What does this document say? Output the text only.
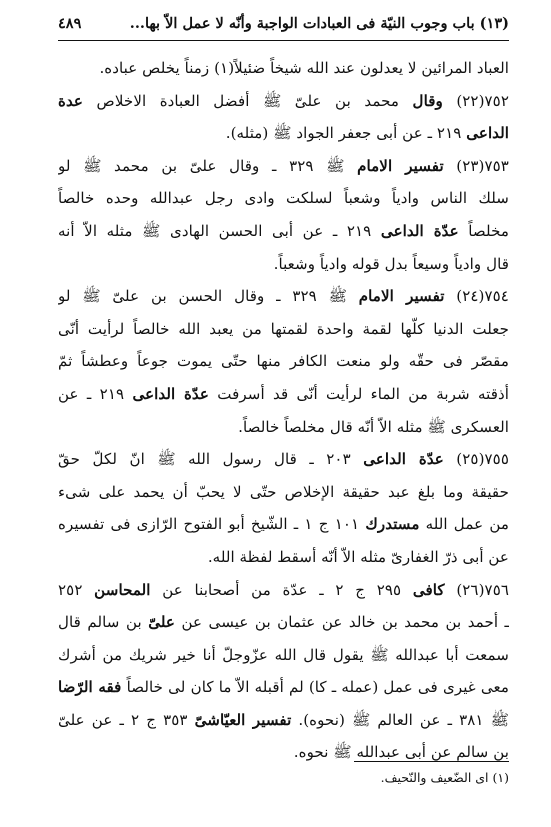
(١٣) باب وجوب النيّة فى العبادات الواجبة وأنّه لا عمل الاّ بها...
٤٨٩
العباد المرائين لا يعدلون عند الله شيخاً ضئيلاً(١) زمناً يخلص عباده.
٧٥٢(٢٢) وقال محمد بن علىّ ﷺ أفضل العبادة الاخلاص عدة
الداعى ٢١٩ ـ عن أبى جعفر الجواد ﷺ (مثله).
٧٥٣(٢٣) تفسير الامام ﷺ ٣٢٩ ـ وقال علىّ بن محمد ﷺ لو
سلك الناس وادياً وشعباً لسلكت وادى رجل عبدالله وحده خالصاً
مخلصاً عدّة الداعى ٢١٩ ـ عن أبى الحسن الهادى ﷺ مثله الاّ أنه
قال وادياً وسيعاً بدل قوله وادياً وشعباً.
٧٥٤(٢٤) تفسير الامام ﷺ ٣٢٩ ـ وقال الحسن بن علىّ ﷺ لو
جعلت الدنيا كلّها لقمة واحدة لقمتها من يعبد الله خالصاً لرأيت أنّى
مقصّر فى حقّه ولو منعت الكافر منها حتّى يموت جوعاً وعطشاً ثمّ
أذقته شربة من الماء لرأيت أنّى قد أسرفت عدّة الداعى ٢١٩ ـ عن
العسكرى ﷺ مثله الاّ أنّه قال مخلصاً خالصاً.
٧٥٥(٢٥) عدّة الداعى ٢٠٣ ـ قال رسول الله ﷺ انّ لكلّ حقّ
حقيقة وما بلغ عبد حقيقة الإخلاص حتّى لا يحبّ أن يحمد على شىء
من عمل الله مستدرك ١٠١ ج ١ ـ الشّيخ أبو الفتوح الرّازى فى تفسيره
عن أبى ذرّ الغفارىّ مثله الاّ أنّه أسقط لفظة الله.
٧٥٦(٢٦) كافى ٢٩٥ ج ٢ ـ عدّة من أصحابنا عن المحاسن ٢٥٢
ـ أحمد بن محمد بن خالد عن عثمان بن عيسى عن علىّ بن سالم قال
سمعت أبا عبدالله ﷺ يقول قال الله عزّوجلّ أنا خير شريك من أشرك
معى غيرى فى عمل (عمله ـ كا) لم أقبله الاّ ما كان لى خالصاً فقه الرّضا
ﷺ ٣٨١ ـ عن العالم ﷺ (نحوه). تفسير العيّاشىّ ٣٥٣ ج ٢ ـ عن علىّ
بن سالم عن أبى عبدالله ﷺ نحوه.
(١) اى الضّعيف والنّحيف.
